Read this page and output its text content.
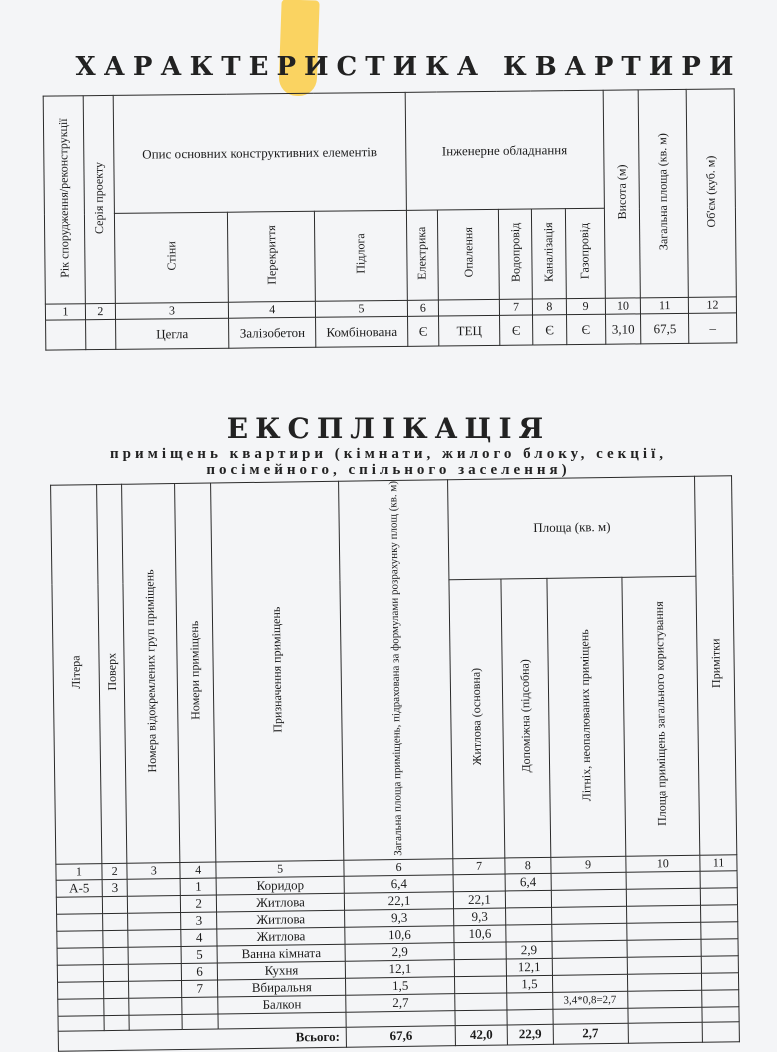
ХАРАКТЕРИСТИКА КВАРТИРИ
Рік спорудження/реконструкції	Серія проекту	Опис основних конструктивних елементів			Інженерне обладнання					Висота (м)	Загальна площа (кв. м)	Об'єм (куб. м)
		Стіни	Перекриття	Підлога	Електрика	Опалення	Водопровід	Каналізація	Газопровід			
1	2	3	4	5	6		7	8	9	10	11	12
		Цегла	Залізобетон	Комбінована	Є	ТЕЦ	Є	Є	Є	3,10	67,5	–
ЕКСПЛІКАЦІЯ
приміщень квартири (кімнати, жилого блоку, секції,
посімейного, спільного заселення)
Літера	Поверх	Номера відокремлених груп приміщень	Номери приміщень	Призначення приміщень	Загальна площа приміщень, підрахована за формулами розрахунку площ (кв. м)	Площа (кв. м)				Примітки
						Житлова (основна)	Допоміжна (підсобна)	Літніх, неопалюваних приміщень	Площа приміщень загального користування	
1	2	3	4	5	6	7	8	9	10	11
А-5	3		1	Коридор	6,4		6,4			
			2	Житлова	22,1	22,1				
			3	Житлова	9,3	9,3				
			4	Житлова	10,6	10,6				
			5	Ванна кімната	2,9		2,9			
			6	Кухня	12,1		12,1			
			7	Вбиральня	1,5		1,5			
				Балкон	2,7			3,4*0,8=2,7		

Всього:					67,6	42,0	22,9	2,7		
